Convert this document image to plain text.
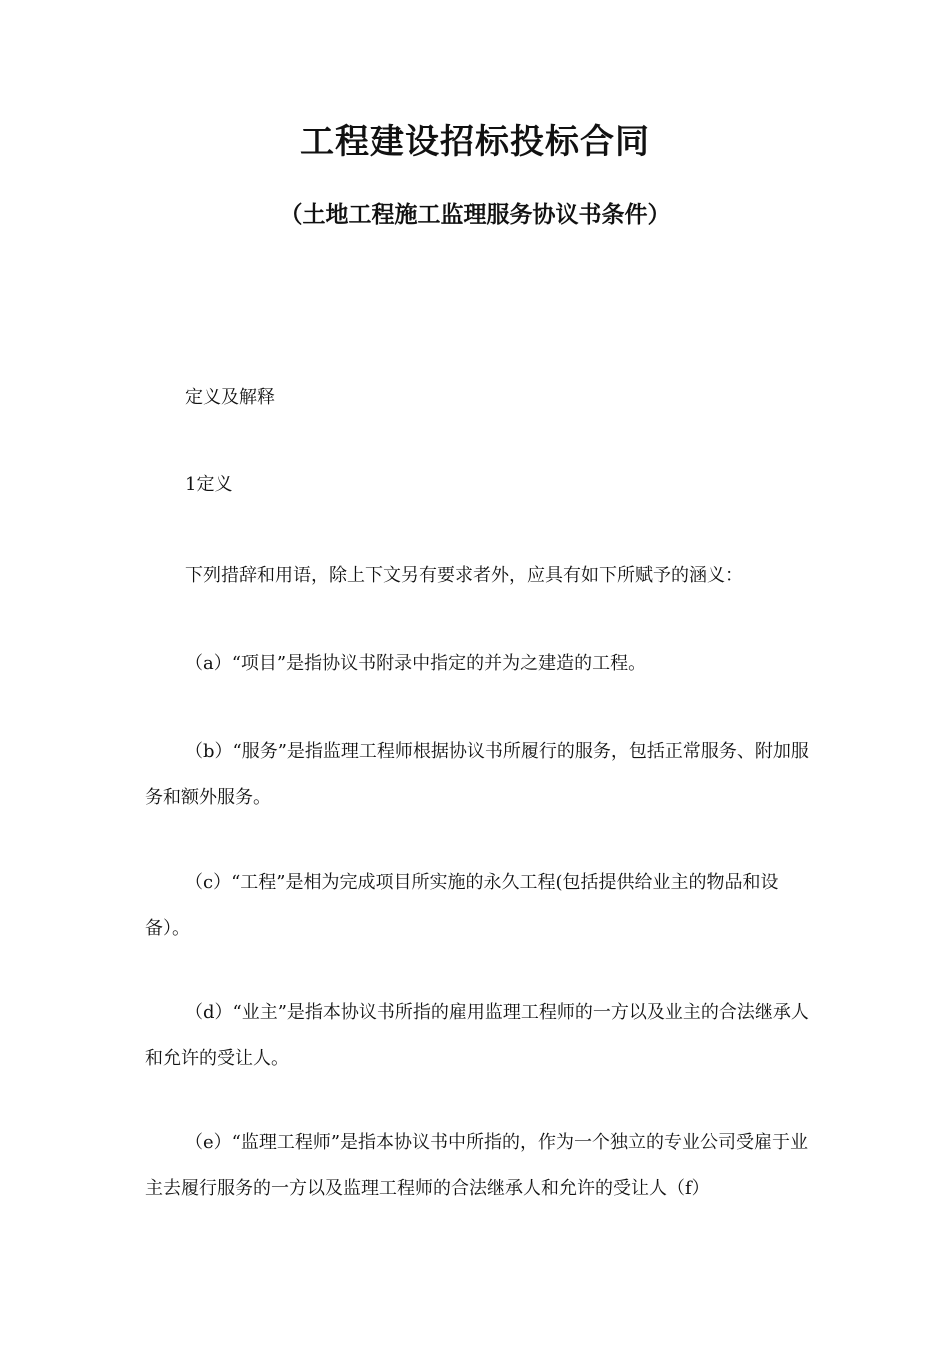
工程建设招标投标合同
（土地工程施工监理服务协议书条件）

定义及解释

1定义

下列措辞和用语，除上下文另有要求者外，应具有如下所赋予的涵义：

（a）“项目”是指协议书附录中指定的并为之建造的工程。

（b）“服务”是指监理工程师根据协议书所履行的服务，包括正常服务、附加服务和额外服务。

（c）“工程”是相为完成项目所实施的永久工程(包括提供给业主的物品和设备）。

（d）“业主”是指本协议书所指的雇用监理工程师的一方以及业主的合法继承人和允许的受让人。

（e）“监理工程师”是指本协议书中所指的，作为一个独立的专业公司受雇于业主去履行服务的一方以及监理工程师的合法继承人和允许的受让人（f）
